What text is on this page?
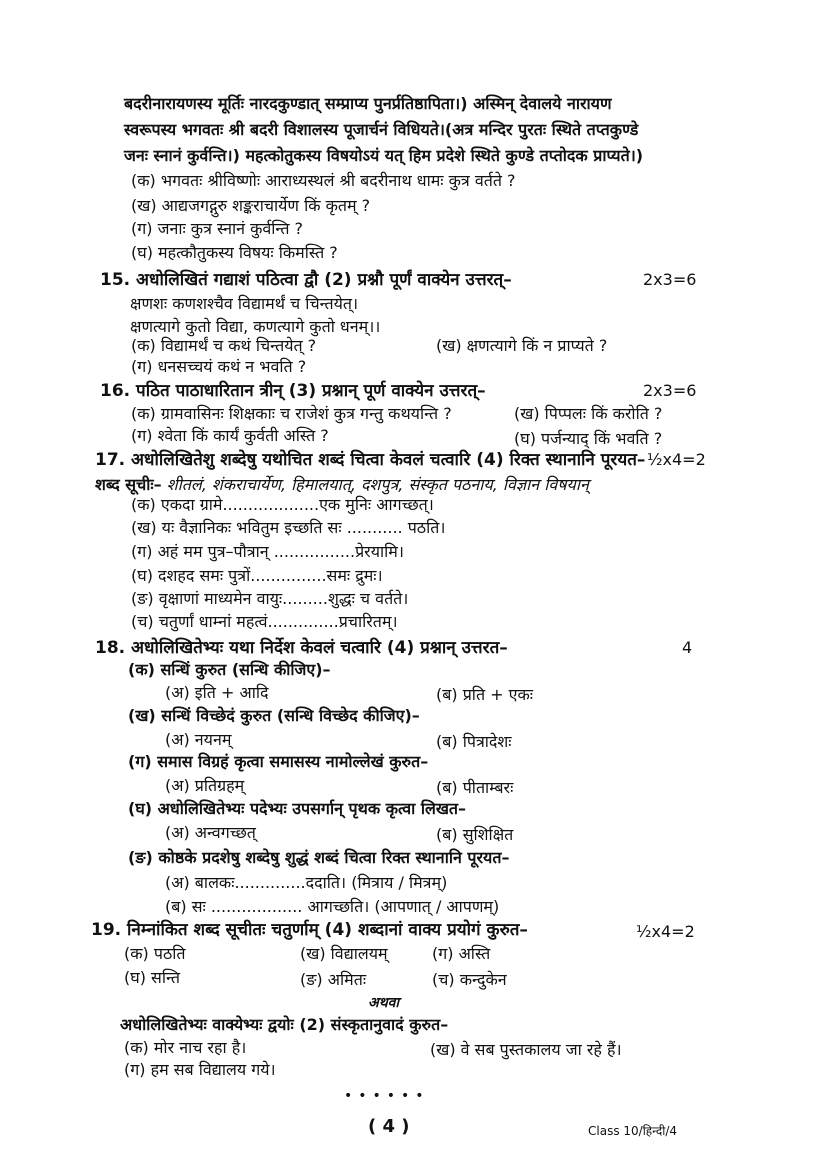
बदरीनारायणस्य मूर्तिः नारदकुण्डात् सम्प्राप्य पुनर्प्रतिष्ठापिता।) अस्मिन् देवालये नारायण
स्वरूपस्य भगवतः श्री बदरी विशालस्य पूजार्चनं विधियते।(अत्र मन्दिर पुरतः स्थिते तप्तकुण्डे
जनः स्नानं कुर्वन्ति।) महत्कोतुकस्य विषयोऽयं यत् हिम प्रदेशे स्थिते कुण्डे तप्तोदक प्राप्यते।)
(क) भगवतः श्रीविष्णोः आराध्यस्थलं श्री बदरीनाथ धामः कुत्र वर्तते ?
(ख) आद्यजगद्गुरु शङ्कराचार्येण किं कृतम् ?
(ग) जनाः कुत्र स्नानं कुर्वन्ति ?
(घ) महत्कौतुकस्य विषयः किमस्ति ?
15. अधोलिखितं गद्याशं पठित्वा द्वौ (2) प्रश्नौ पूर्णं वाक्येन उत्तरत्–	2x3=6
क्षणशः कणशश्चैव विद्यामर्थं च चिन्तयेत्।
क्षणत्यागे कुतो विद्या, कणत्यागे कुतो धनम्।।
(क) विद्यामर्थं च कथं चिन्तयेत् ?	(ख) क्षणत्यागे किं न प्राप्यते ?
(ग) धनसच्चयं कथं न भवति ?
16. पठित पाठाधारितान त्रीन् (3) प्रश्नान् पूर्ण वाक्येन उत्तरत्–	2x3=6
(क) ग्रामवासिनः शिक्षकाः च राजेशं कुत्र गन्तु कथयन्ति ?	(ख) पिप्पलः किं करोति ?
(ग) श्वेता किं कार्यं कुर्वती अस्ति ?	(घ) पर्जन्याद् किं भवति ?
17. अधोलिखितेशु शब्देषु यथोचित शब्दं चित्वा केवलं चत्वारि (4) रिक्त स्थानानि पूरयत– ½x4=2
शब्द सूचीः– शीतलं, शंकराचार्येण, हिमालयात्, दशपुत्र, संस्कृत पठनाय, विज्ञान विषयान्
(क) एकदा ग्रामे...................एक मुनिः आगच्छत्।
(ख) यः वैज्ञानिकः भवितुम इच्छति सः ........... पठति।
(ग) अहं मम पुत्र–पौत्रान् ................प्रेरयामि।
(घ) दशहद समः पुत्रों...............समः द्रुमः।
(ङ) वृक्षाणां माध्यमेन वायुः.........शुद्धः च वर्तते।
(च) चतुर्णां धाम्नां महत्वं..............प्रचारितम्।
18. अधोलिखितेभ्यः यथा निर्देश केवलं चत्वारि (4) प्रश्नान् उत्तरत–	4
(क) सन्धिं कुरुत (सन्धि कीजिए)–
(अ) इति + आदि	(ब) प्रति + एकः
(ख) सन्धिं विच्छेदं कुरुत (सन्धि विच्छेद कीजिए)–
(अ) नयनम्	(ब) पित्रादेशः
(ग) समास विग्रहं कृत्वा समासस्य नामोल्लेखं कुरुत–
(अ) प्रतिग्रहम्	(ब) पीताम्बरः
(घ) अधोलिखितेभ्यः पदेभ्यः उपसर्गान् पृथक कृत्वा लिखत–
(अ) अन्वगच्छत्	(ब) सुशिक्षित
(ङ) कोष्ठके प्रदशेषु शब्देषु शुद्धं शब्दं चित्वा रिक्त स्थानानि पूरयत–
(अ) बालकः..............ददाति। (मित्राय / मित्रम्)
(ब) सः .................. आगच्छति। (आपणात् / आपणम्)
19. निम्नांकित शब्द सूचीतः चतुर्णाम् (4) शब्दानां वाक्य प्रयोगं कुरुत–	½x4=2
(क) पठति	(ख) विद्यालयम्	(ग) अस्ति
(घ) सन्ति	(ङ) अमितः	(च) कन्दुकेन
अथवा
अधोलिखितेभ्यः वाक्येभ्यः द्वयोः (2) संस्कृतानुवादं कुरुत–
(क) मोर नाच रहा है।	(ख) वे सब पुस्तकालय जा रहे हैं।
(ग) हम सब विद्यालय गये।
••••••
( 4 )	Class 10/हिन्दी/4
